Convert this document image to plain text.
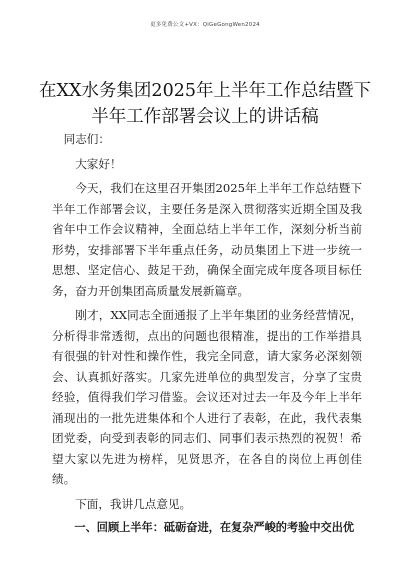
更多免费公文+VX：QiGeGongWen2024
在XX水务集团2025年上半年工作总结暨下
半年工作部署会议上的讲话稿

同志们：

大家好！

今天，我们在这里召开集团2025年上半年工作总结暨下半年工作部署会议，主要任务是深入贯彻落实近期全国及我省年中工作会议精神，全面总结上半年工作，深刻分析当前形势，安排部署下半年重点任务，动员集团上下进一步统一思想、坚定信心、鼓足干劲，确保全面完成年度各项目标任务，奋力开创集团高质量发展新篇章。

刚才，XX同志全面通报了上半年集团的业务经营情况，分析得非常透彻，点出的问题也很精准，提出的工作举措具有很强的针对性和操作性，我完全同意，请大家务必深刻领会、认真抓好落实。几家先进单位的典型发言，分享了宝贵经验，值得我们学习借鉴。会议还对过去一年及今年上半年涌现出的一批先进集体和个人进行了表彰，在此，我代表集团党委，向受到表彰的同志们、同事们表示热烈的祝贺！希望大家以先进为榜样，见贤思齐，在各自的岗位上再创佳绩。

下面，我讲几点意见。

一、回顾上半年：砥砺奋进，在复杂严峻的考验中交出优
